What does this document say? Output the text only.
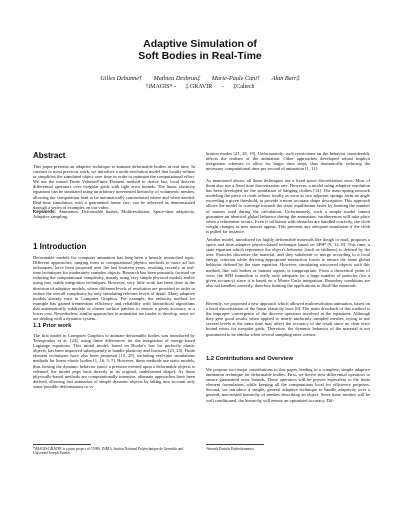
Adaptive Simulation of
Soft Bodies in Real-Time
Gilles Debunne† Mathieu Desbrun‡ Marie-Paule Cani† Alan Barr‡
†iMAGIS* - ‡ GRAVIR - ‡Caltech
Abstract

This paper presents an adaptive technique to animate deformable bodies in real time. In contrast to most previous work, we introduce a multi-resolution model that locally refines or simplifies the simulated object over time in order to optimize the computational effort. We use the mixed Finite Volume/Finite Element method to derive fast, local discrete differential operators over irregular grids with tight error bounds. The linear elasticity equations can be simulated using an arbitrary non-nested hierarchy of volumetric meshes, allowing the computation load to be automatically concentrated where and when needed. Real-time simulation, with a guaranteed frame rate, can be achieved as demonstrated through a series of examples on our video.

Keywords: Animation, Deformable bodies, Multiresolution, Space-time adaptivity, Adaptive sampling.
1 Introduction

Deformable models for computer animation has long been a heavily researched topic. Different approaches, ranging from to computational physics methods to more ad hoc techniques, have been proposed over the last fourteen years, resulting recently in real-time techniques for moderately complex objects. Research has been primarily focused on reducing the computational complexity, mainly using very simple physical models and/or using fast, stable integration techniques. However, very little work has been done in the direction of adaptive models, where different levels of resolution are provided in order to reduce the overall complexity by only simulating relevant levels of detail. Many adaptive models already exist in Computer Graphics. For example, the radiosity method for example has gained tremendous efficiency and reliability with hierarchical algorithms that automatically subdivide or cluster surface patches to ensure a given accuracy at a lower cost. Nevertheless, similar approaches to animation are harder to develop, since we are dealing with a dynamic system.

1.1 Prior work

The first model in Computer Graphics to animate deformable bodies was introduced by Terzopoulos et al. [24], using finite differences for the integration of energy-based Lagrange equations. This initial model, based on Hooke's law for perfectly elastic objects, has been improved subsequently to handle plasticity and fractures [23, 23]. Finite element techniques have also been proposed [13, 20], including real-time simulations methods for linear elastic bodies [1, 16, 5, 7]. However, these methods use static models, thus loosing the dynamic behavior (since a pressure exerted upon a deformable objects is released, the model pops back directly to its original, undeformed shape). As those physically-based methods are computationally intensive, alternate approaches have been derived, allowing fast animation of simple dynamic objects by taking into account only some possible deformations or vi-

*iMAGIS/GRAVIR is a joint project of CNRS, INRIA, Institut National Polytechnique de Grenoble and Université Joseph Fourier.

bration modes [21, 28, 19]. Unfortunately, such restrictions on the behavior considerably affects the realism of the animation. Other approaches developed robust implicit integration schemes to allow for larger time steps, thus dramatically reducing the necessary computational time per second of animation [1, 11].

As mentioned above, all these techniques use a fixed space discretization once. Most of them also use a fixed time discretization rate. However, a model using adaptive resolution has been developed for the simulation of hanging clothes [14]. The mass-spring network modeling the piece of cloth refines locally as soon as two adjacent springs form an angle exceeding a given threshold, to provide a more accurate shape description. This approach allows the model to converge towards the static equilibrium faster by limiting the number of masses used during the calculation. Unfortunately, such a simple model cannot guarantee an identical global behavior during the animation: incoherences will take place when a refinement occurs. Even if collisions with obstacles are handled correctly, the cloth weight changes as new masses appear. This prevents any adequate simulation if the cloth is pulled for instance.

Another model, introduced for highly deformable materials like dough or mud, proposes a space and time adaptive physics-based technique based on SPH² [9, 12, 8]. This time, a state equation which represents the object's behavior (such as stiffness) is defined by the user. Particles discretize the material, and they subdivide or merge according to a local energy criterion while deriving appropriate interaction forces to ensure the same global behavior defined by the state equation. However, simulating structured objects with this method, like soft bodies or human organs, is inappropriate. From a theoretical point of view, the SPH formalism is really only adequate for a large number of particles (for a given accuracy) since it is based on a Monte Carlo integration. Boundary conditions are also not handled correctly, therefore limiting the applications to fluid-like materials.

Recently, we proposed a new approach which allowed multiresolution animation, based on a local discretization of the linear elasticity laws [6]. The main drawback of this method is the improper convergence of the discrete operators involved in the equations. Although they give good results when applied to nearly uniformly sampled meshes, trying to use several levels at the same time may affect the accuracy of the result since no clear error bound exists for irregular grids. Therefore, the dynamic behavior of the material is not guaranteed to be similar when several sampling rates coexist.

1.2 Contributions and Overview

We propose two major contributions in this paper, leading to a complete, simple adaptive animation technique for deformable bodies. First, we derive new differential operators to ensure guaranteed error bounds. These operators will be proven equivalent to the finite element formulation, while keeping all the computations local for efficiency purposes. Second, we introduce a simple, general adaptive technique to handle adaptivity over a general, non-nested hierarchy of meshes describing an object. Since these meshes will be well conditioned, the hierarchy will ensure an optimized accuracy. Dif-

²Smooth Particle Hydrodynamics
